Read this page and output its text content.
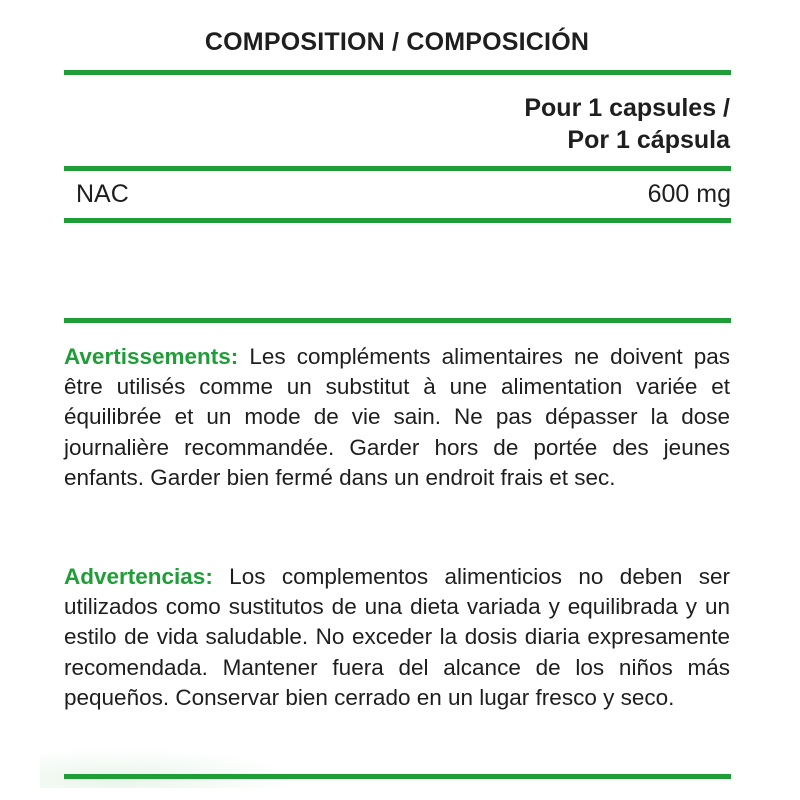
COMPOSITION / COMPOSICIÓN
Pour 1 capsules /
Por 1 cápsula
NAC	600 mg

Avertissements: Les compléments alimentaires ne doivent pas être utilisés comme un substitut à une alimentation variée et équilibrée et un mode de vie sain. Ne pas dépasser la dose journalière recommandée. Garder hors de portée des jeunes enfants. Garder bien fermé dans un endroit frais et sec.

Advertencias: Los complementos alimenticios no deben ser utilizados como sustitutos de una dieta variada y equilibrada y un estilo de vida saludable. No exceder la dosis diaria expresamente recomendada. Mantener fuera del alcance de los niños más pequeños. Conservar bien cerrado en un lugar fresco y seco.
